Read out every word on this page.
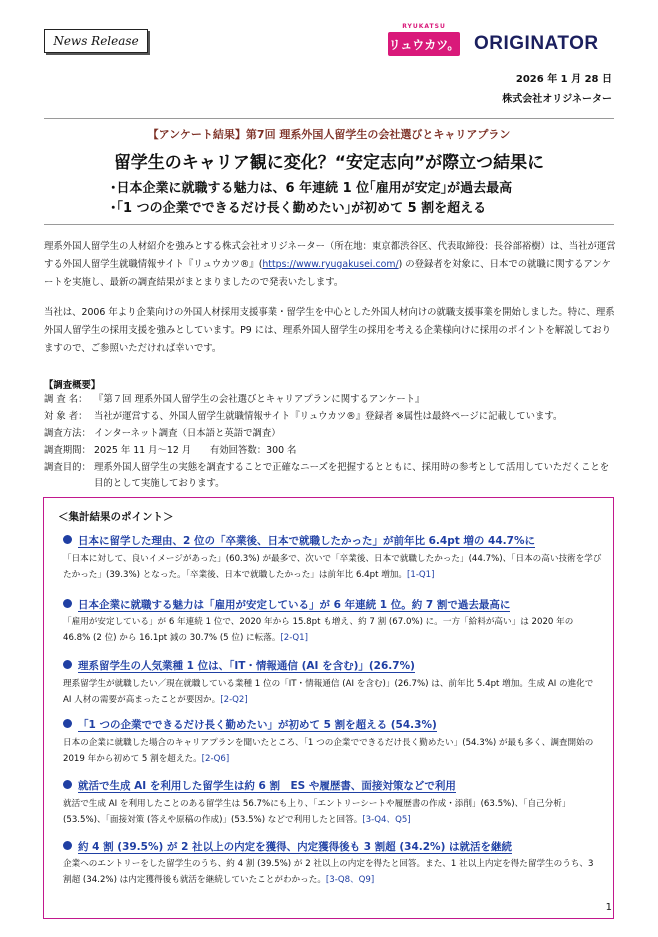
News Release
RYUKATSU
リュウカツ。 ORIGINATOR
2026 年 1 月 28 日
株式会社オリジネーター
【アンケート結果】第7回 理系外国人留学生の会社選びとキャリアプラン
留学生のキャリア観に変化？“安定志向”が際立つ結果に
･日本企業に就職する魅力は、6 年連続 1 位｢雇用が安定｣が過去最高
･｢1 つの企業でできるだけ長く勤めたい｣が初めて 5 割を超える
理系外国人留学生の人材紹介を強みとする株式会社オリジネーター（所在地：東京都渋谷区、代表取締役：長谷部裕樹）は、当社が運営する外国人留学生就職情報サイト『リュウカツ®』(https://www.ryugakusei.com/) の登録者を対象に、日本での就職に関するアンケートを実施し、最新の調査結果がまとまりましたので発表いたします。
当社は、2006 年より企業向けの外国人材採用支援事業・留学生を中心とした外国人材向けの就職支援事業を開始しました。特に、理系外国人留学生の採用支援を強みとしています。P9 には、理系外国人留学生の採用を考える企業様向けに採用のポイントを解説しておりますので、ご参照いただければ幸いです。
【調査概要】
調 査 名： 『第７回 理系外国人留学生の会社選びとキャリアプランに関するアンケート』
対 象 者： 当社が運営する、外国人留学生就職情報サイト『リュウカツ®』登録者 ※属性は最終ページに記載しています。
調査方法： インターネット調査（日本語と英語で調査）
調査期間： 2025 年 11 月～12 月　　有効回答数：300 名
調査目的： 理系外国人留学生の実態を調査することで正確なニーズを把握するとともに、採用時の参考として活用していただくことを目的として実施しております。
＜集計結果のポイント＞
日本に留学した理由、2 位の「卒業後、日本で就職したかった」が前年比 6.4pt 増の 44.7%に
「日本に対して、良いイメージがあった」(60.3%) が最多で、次いで「卒業後、日本で就職したかった」(44.7%)、「日本の高い技術を学びたかった」(39.3%) となった。「卒業後、日本で就職したかった」は前年比 6.4pt 増加。[1-Q1]
日本企業に就職する魅力は「雇用が安定している」が 6 年連続 1 位。約 7 割で過去最高に
「雇用が安定している」が 6 年連続 1 位で、2020 年から 15.8pt も増え、約 7 割 (67.0%) に。一方「給料が高い」は 2020 年の 46.8% (2 位) から 16.1pt 減の 30.7% (5 位) に転落。[2-Q1]
理系留学生の人気業種 1 位は、「IT・情報通信 (AI を含む)」(26.7%)
理系留学生が就職したい／現在就職している業種 1 位の「IT・情報通信 (AI を含む)」(26.7%) は、前年比 5.4pt 増加。生成 AI の進化で AI 人材の需要が高まったことが要因か。[2-Q2]
「1 つの企業でできるだけ長く勤めたい」が初めて 5 割を超える (54.3%)
日本の企業に就職した場合のキャリアプランを聞いたところ、「1 つの企業でできるだけ長く勤めたい」(54.3%) が最も多く、調査開始の 2019 年から初めて 5 割を超えた。[2-Q6]
就活で生成 AI を利用した留学生は約 6 割　ES や履歴書、面接対策などで利用
就活で生成 AI を利用したことのある留学生は 56.7%にも上り、「エントリーシートや履歴書の作成・添削」(63.5%)、「自己分析」(53.5%)、「面接対策 (答えや原稿の作成)」(53.5%) などで利用したと回答。[3-Q4、Q5]
約 4 割 (39.5%) が 2 社以上の内定を獲得、内定獲得後も 3 割超 (34.2%) は就活を継続
企業へのエントリーをした留学生のうち、約 4 割 (39.5%) が 2 社以上の内定を得たと回答。また、1 社以上内定を得た留学生のうち、3 割超 (34.2%) は内定獲得後も就活を継続していたことがわかった。[3-Q8、Q9]
1
